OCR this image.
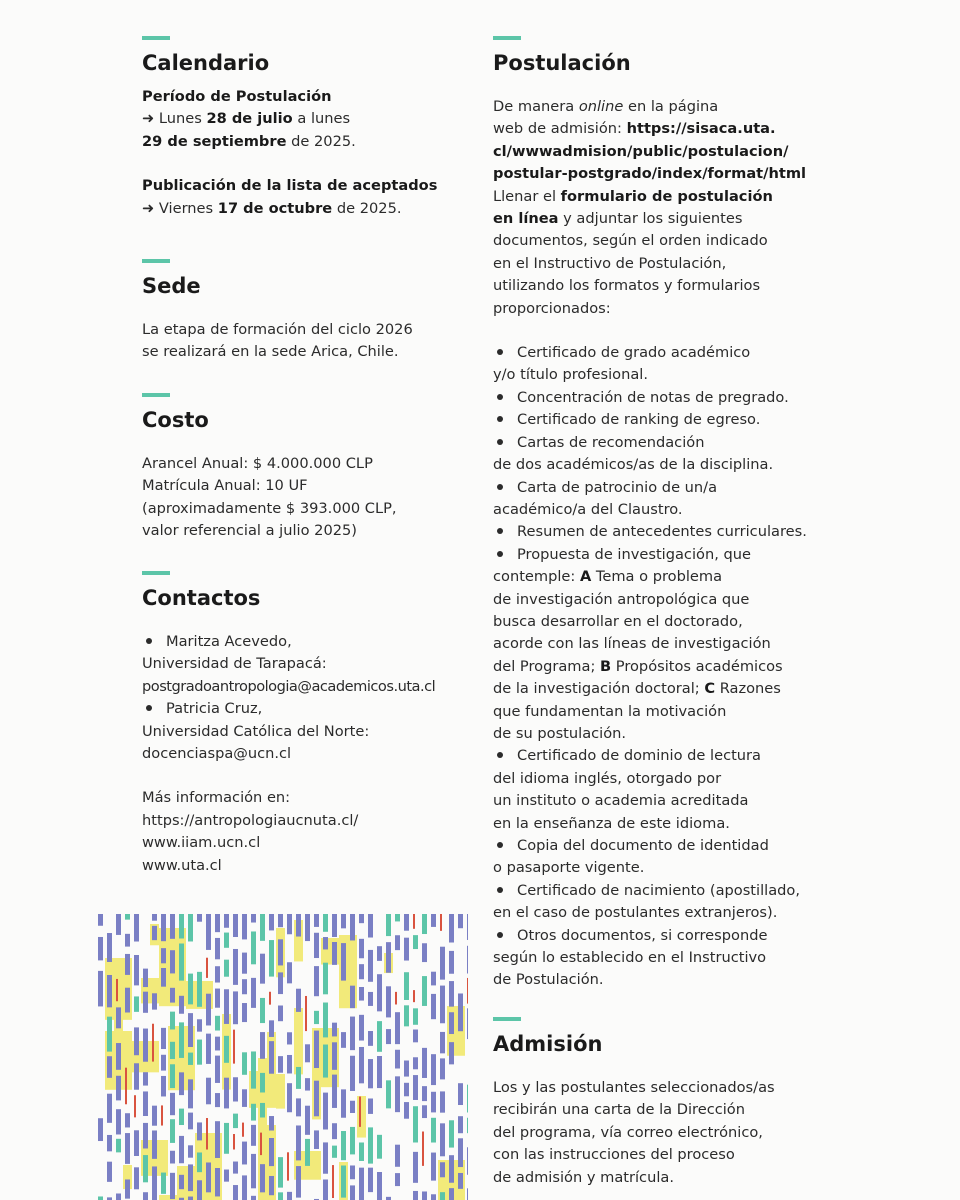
Calendario

Período de Postulación

➜ Lunes 28 de julio a lunes

29 de septiembre de 2025.

Publicación de la lista de aceptados

➜ Viernes 17 de octubre de 2025.

Sede

La etapa de formación del ciclo 2026

se realizará en la sede Arica, Chile.

Costo

Arancel Anual: $ 4.000.000 CLP

Matrícula Anual: 10 UF

(aproximadamente $ 393.000 CLP,

valor referencial a julio 2025)

Contactos

Maritza Acevedo,

Universidad de Tarapacá:

postgradoantropologia@academicos.uta.cl

Patricia Cruz,

Universidad Católica del Norte:

docenciaspa@ucn.cl

Más información en:

https://antropologiaucnuta.cl/

www.iiam.ucn.cl

www.uta.cl

Postulación

De manera online en la página

web de admisión: https://sisaca.uta.

cl/wwwadmision/public/postulacion/

postular-postgrado/index/format/html

Llenar el formulario de postulación

en línea y adjuntar los siguientes

documentos, según el orden indicado

en el Instructivo de Postulación,

utilizando los formatos y formularios

proporcionados:

Certificado de grado académico
y/o título profesional.
Concentración de notas de pregrado.
Certificado de ranking de egreso.
Cartas de recomendación
de dos académicos/as de la disciplina.
Carta de patrocinio de un/a
académico/a del Claustro.
Resumen de antecedentes curriculares.
Propuesta de investigación, que
contemple: A Tema o problema
de investigación antropológica que
busca desarrollar en el doctorado,
acorde con las líneas de investigación
del Programa; B Propósitos académicos
de la investigación doctoral; C Razones
que fundamentan la motivación
de su postulación.
Certificado de dominio de lectura
del idioma inglés, otorgado por
un instituto o academia acreditada
en la enseñanza de este idioma.
Copia del documento de identidad
o pasaporte vigente.
Certificado de nacimiento (apostillado,
en el caso de postulantes extranjeros).
Otros documentos, si corresponde
según lo establecido en el Instructivo
de Postulación.
Admisión

Los y las postulantes seleccionados/as

recibirán una carta de la Dirección

del programa, vía correo electrónico,

con las instrucciones del proceso

de admisión y matrícula.
